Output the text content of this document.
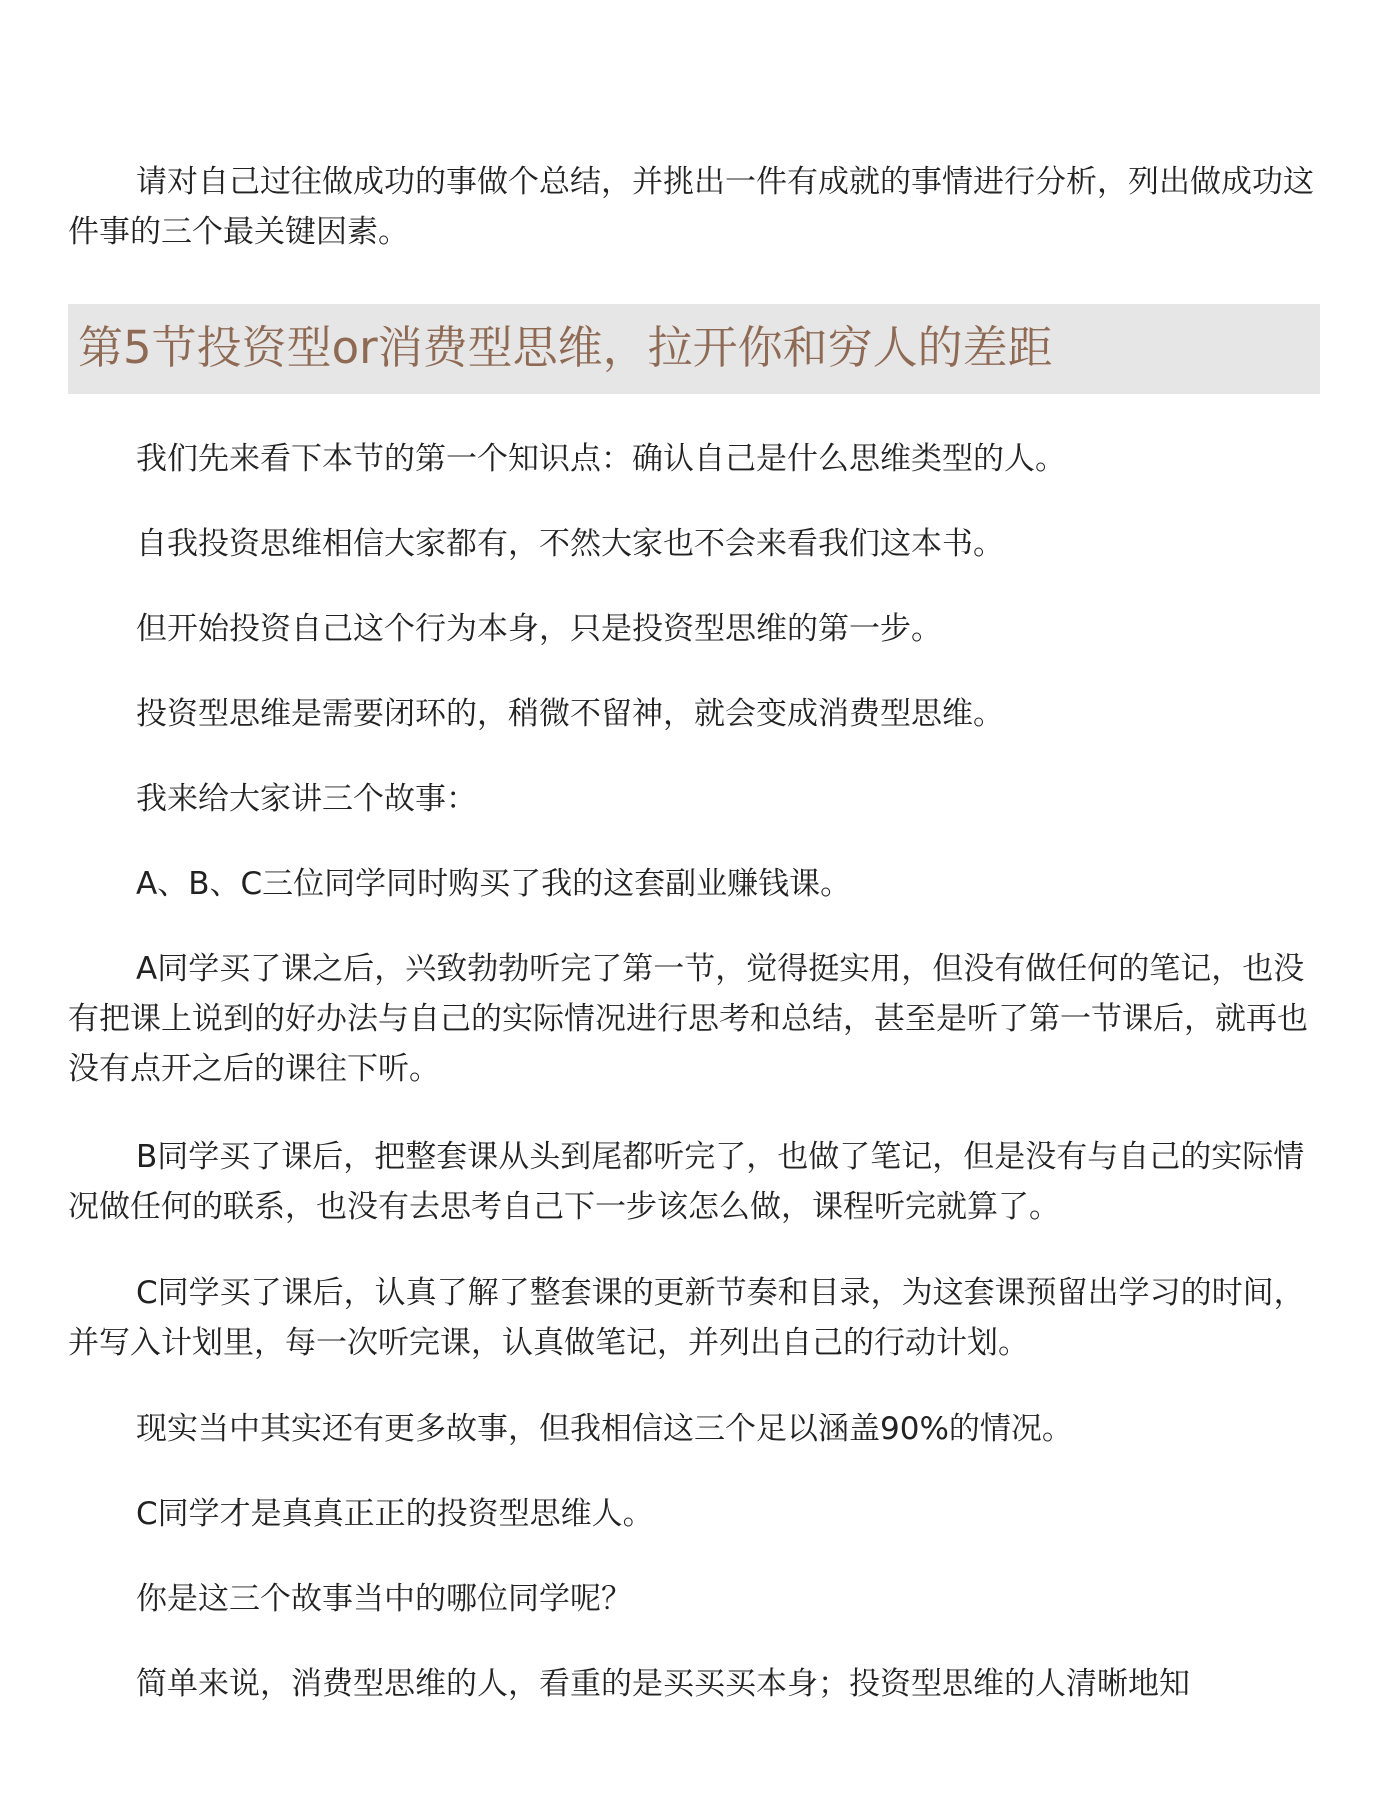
请对自己过往做成功的事做个总结，并挑出一件有成就的事情进行分析，列出做成功这件事的三个最关键因素。

第5节投资型or消费型思维，拉开你和穷人的差距

我们先来看下本节的第一个知识点：确认自己是什么思维类型的人。

自我投资思维相信大家都有，不然大家也不会来看我们这本书。

但开始投资自己这个行为本身，只是投资型思维的第一步。

投资型思维是需要闭环的，稍微不留神，就会变成消费型思维。

我来给大家讲三个故事：

A、B、C三位同学同时购买了我的这套副业赚钱课。

A同学买了课之后，兴致勃勃听完了第一节，觉得挺实用，但没有做任何的笔记，也没有把课上说到的好办法与自己的实际情况进行思考和总结，甚至是听了第一节课后，就再也没有点开之后的课往下听。

B同学买了课后，把整套课从头到尾都听完了，也做了笔记，但是没有与自己的实际情况做任何的联系，也没有去思考自己下一步该怎么做，课程听完就算了。

C同学买了课后，认真了解了整套课的更新节奏和目录，为这套课预留出学习的时间，并写入计划里，每一次听完课，认真做笔记，并列出自己的行动计划。

现实当中其实还有更多故事，但我相信这三个足以涵盖90%的情况。

C同学才是真真正正的投资型思维人。

你是这三个故事当中的哪位同学呢？

简单来说，消费型思维的人，看重的是买买买本身；投资型思维的人清晰地知
